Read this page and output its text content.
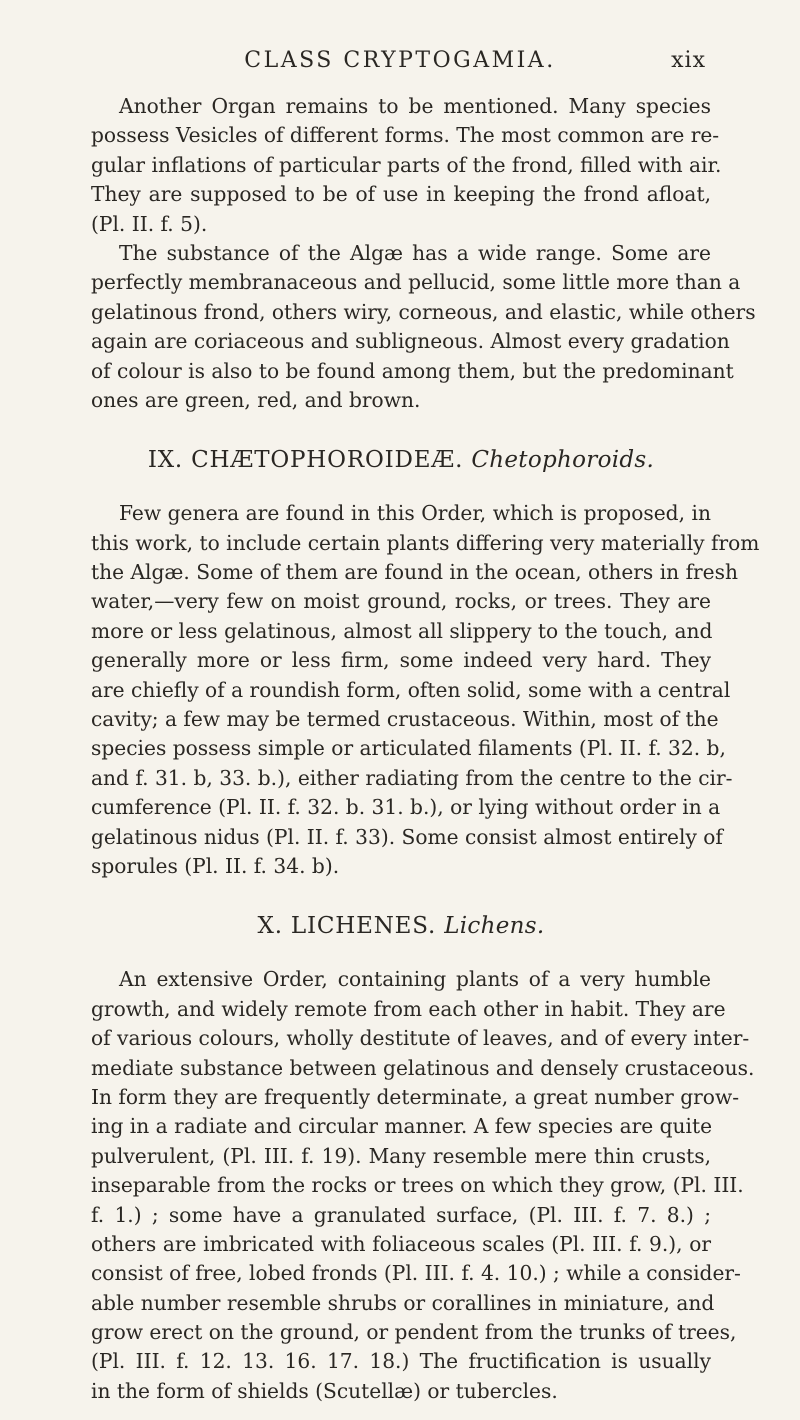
CLASS CRYPTOGAMIA.	xix
Another Organ remains to be mentioned. Many species
possess Vesicles of different forms. The most common are re-
gular inflations of particular parts of the frond, filled with air.
They are supposed to be of use in keeping the frond afloat,
(Pl. II. f. 5).
The substance of the Algæ has a wide range. Some are
perfectly membranaceous and pellucid, some little more than a
gelatinous frond, others wiry, corneous, and elastic, while others
again are coriaceous and subligneous. Almost every gradation
of colour is also to be found among them, but the predominant
ones are green, red, and brown.
IX. CHÆTOPHOROIDEÆ. Chetophoroids.
Few genera are found in this Order, which is proposed, in
this work, to include certain plants differing very materially from
the Algæ. Some of them are found in the ocean, others in fresh
water,—very few on moist ground, rocks, or trees. They are
more or less gelatinous, almost all slippery to the touch, and
generally more or less firm, some indeed very hard. They
are chiefly of a roundish form, often solid, some with a central
cavity; a few may be termed crustaceous. Within, most of the
species possess simple or articulated filaments (Pl. II. f. 32. b,
and f. 31. b, 33. b.), either radiating from the centre to the cir-
cumference (Pl. II. f. 32. b. 31. b.), or lying without order in a
gelatinous nidus (Pl. II. f. 33). Some consist almost entirely of
sporules (Pl. II. f. 34. b).
X. LICHENES. Lichens.
An extensive Order, containing plants of a very humble
growth, and widely remote from each other in habit. They are
of various colours, wholly destitute of leaves, and of every inter-
mediate substance between gelatinous and densely crustaceous.
In form they are frequently determinate, a great number grow-
ing in a radiate and circular manner. A few species are quite
pulverulent, (Pl. III. f. 19). Many resemble mere thin crusts,
inseparable from the rocks or trees on which they grow, (Pl. III.
f. 1.) ; some have a granulated surface, (Pl. III. f. 7. 8.) ;
others are imbricated with foliaceous scales (Pl. III. f. 9.), or
consist of free, lobed fronds (Pl. III. f. 4. 10.) ; while a consider-
able number resemble shrubs or corallines in miniature, and
grow erect on the ground, or pendent from the trunks of trees,
(Pl. III. f. 12. 13. 16. 17. 18.) The fructification is usually
in the form of shields (Scutellæ) or tubercles.
